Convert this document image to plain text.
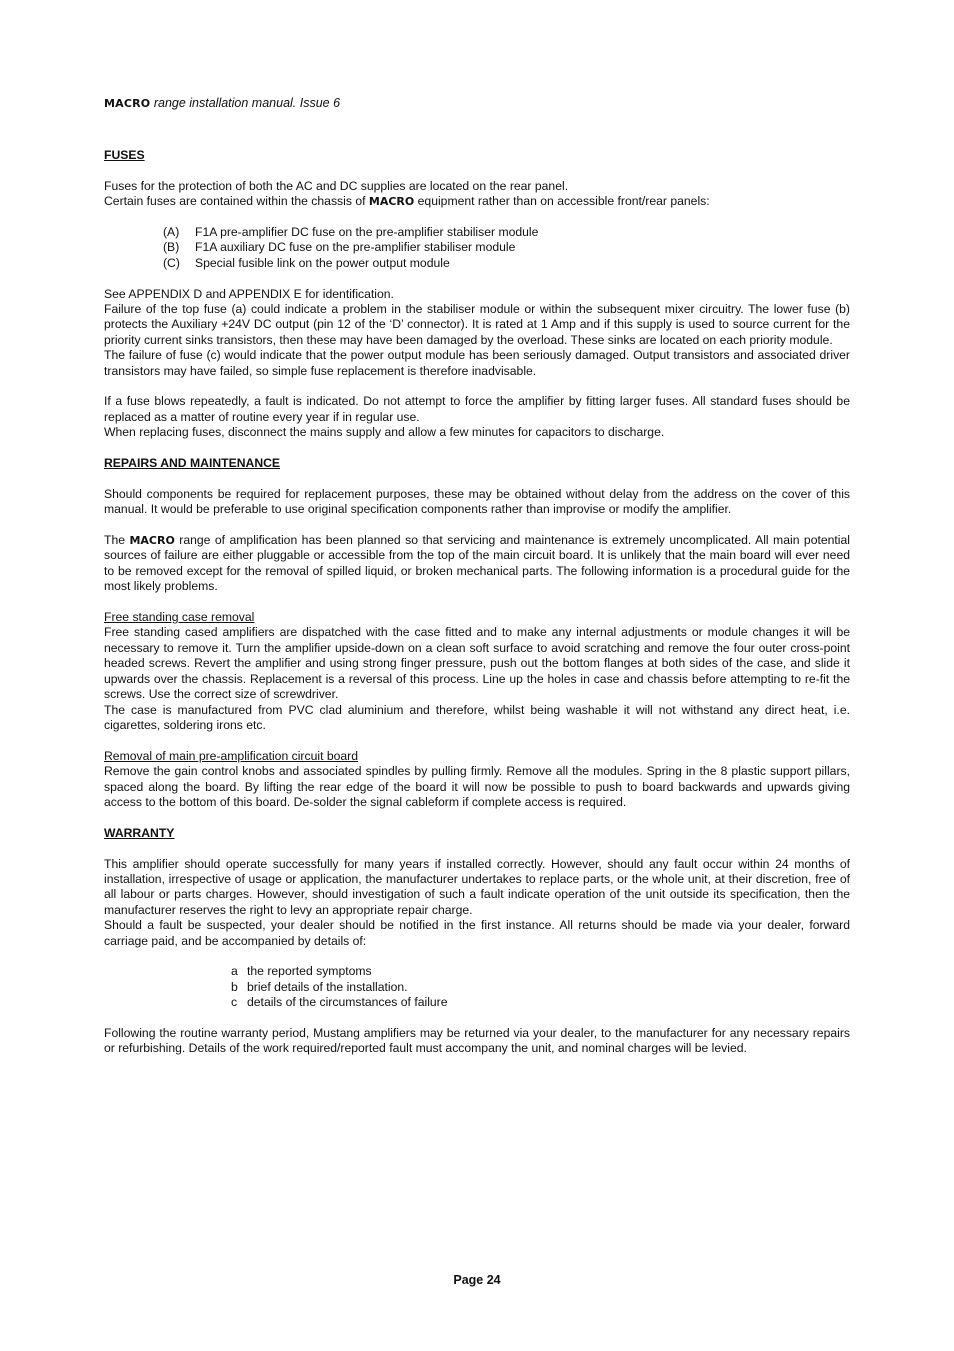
MACRO range installation manual. Issue 6
FUSES

Fuses for the protection of both the AC and DC supplies are located on the rear panel.
Certain fuses are contained within the chassis of MACRO equipment rather than on accessible front/rear panels:

(A)	F1A pre-amplifier DC fuse on the pre-amplifier stabiliser module
(B)	F1A auxiliary DC fuse on the pre-amplifier stabiliser module
(C)	Special fusible link on the power output module

See APPENDIX D and APPENDIX E for identification.

Failure of the top fuse (a) could indicate a problem in the stabiliser module or within the subsequent mixer circuitry. The lower fuse (b) protects the Auxiliary +24V DC output (pin 12 of the ‘D’ connector). It is rated at 1 Amp and if this supply is used to source current for the priority current sinks transistors, then these may have been damaged by the overload. These sinks are located on each priority module.

The failure of fuse (c) would indicate that the power output module has been seriously damaged. Output transistors and associated driver transistors may have failed, so simple fuse replacement is therefore inadvisable.

If a fuse blows repeatedly, a fault is indicated. Do not attempt to force the amplifier by fitting larger fuses. All standard fuses should be replaced as a matter of routine every year if in regular use.

When replacing fuses, disconnect the mains supply and allow a few minutes for capacitors to discharge.

REPAIRS AND MAINTENANCE

Should components be required for replacement purposes, these may be obtained without delay from the address on the cover of this manual. It would be preferable to use original specification components rather than improvise or modify the amplifier.

The MACRO range of amplification has been planned so that servicing and maintenance is extremely uncomplicated. All main potential sources of failure are either pluggable or accessible from the top of the main circuit board. It is unlikely that the main board will ever need to be removed except for the removal of spilled liquid, or broken mechanical parts. The following information is a procedural guide for the most likely problems.

Free standing case removal

Free standing cased amplifiers are dispatched with the case fitted and to make any internal adjustments or module changes it will be necessary to remove it. Turn the amplifier upside-down on a clean soft surface to avoid scratching and remove the four outer cross-point headed screws. Revert the amplifier and using strong finger pressure, push out the bottom flanges at both sides of the case, and slide it upwards over the chassis. Replacement is a reversal of this process. Line up the holes in case and chassis before attempting to re-fit the screws. Use the correct size of screwdriver.

The case is manufactured from PVC clad aluminium and therefore, whilst being washable it will not withstand any direct heat, i.e. cigarettes, soldering irons etc.

Removal of main pre-amplification circuit board

Remove the gain control knobs and associated spindles by pulling firmly. Remove all the modules. Spring in the 8 plastic support pillars, spaced along the board. By lifting the rear edge of the board it will now be possible to push to board backwards and upwards giving access to the bottom of this board. De-solder the signal cableform if complete access is required.

WARRANTY

This amplifier should operate successfully for many years if installed correctly. However, should any fault occur within 24 months of installation, irrespective of usage or application, the manufacturer undertakes to replace parts, or the whole unit, at their discretion, free of all labour or parts charges. However, should investigation of such a fault indicate operation of the unit outside its specification, then the manufacturer reserves the right to levy an appropriate repair charge.

Should a fault be suspected, your dealer should be notified in the first instance. All returns should be made via your dealer, forward carriage paid, and be accompanied by details of:

a the reported symptoms
b brief details of the installation.
c details of the circumstances of failure

Following the routine warranty period, Mustang amplifiers may be returned via your dealer, to the manufacturer for any necessary repairs or refurbishing. Details of the work required/reported fault must accompany the unit, and nominal charges will be levied.

Page 24
